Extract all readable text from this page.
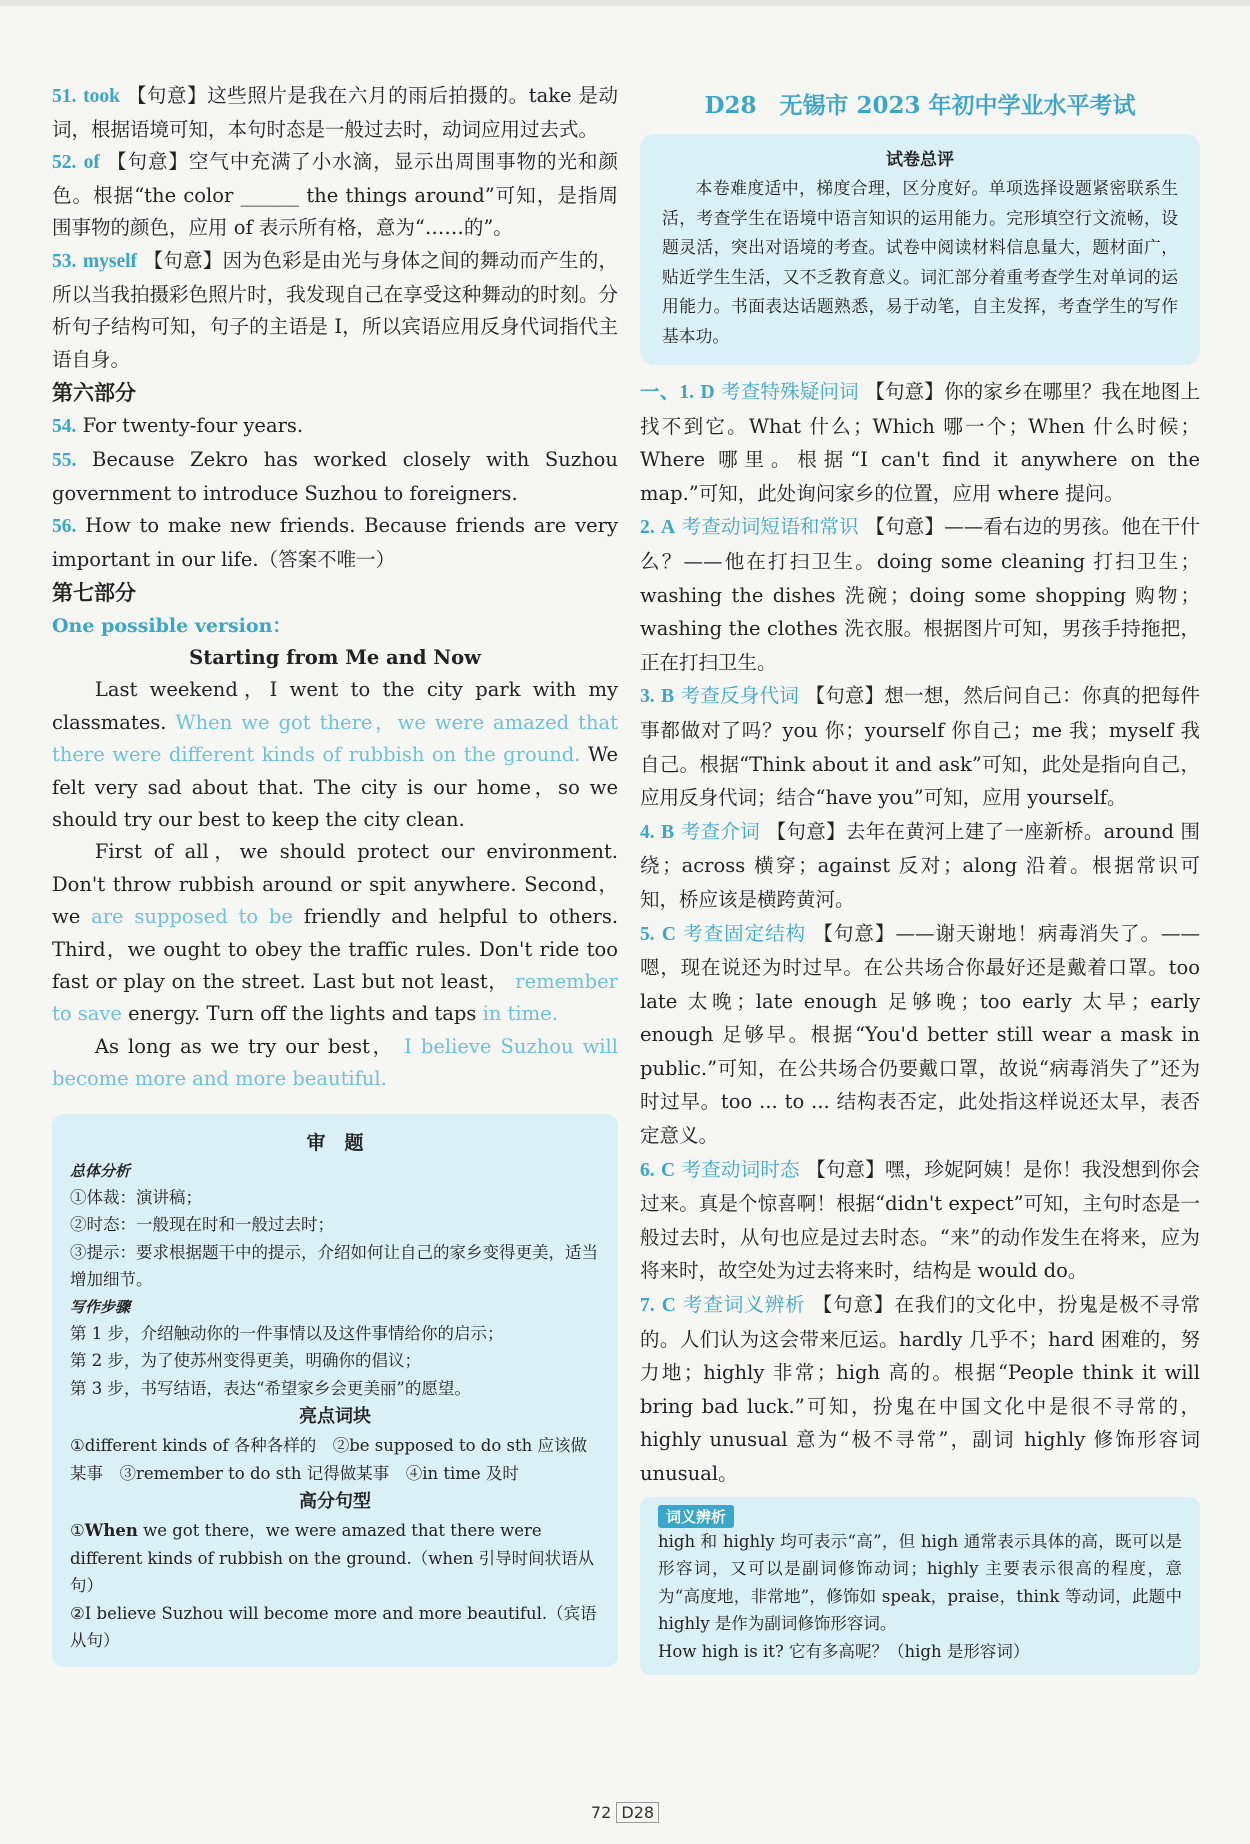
51. took 【句意】这些照片是我在六月的雨后拍摄的。take 是动词，根据语境可知，本句时态是一般过去时，动词应用过去式。

52. of 【句意】空气中充满了小水滴，显示出周围事物的光和颜色。根据“the color ______ the things around”可知，是指周围事物的颜色，应用 of 表示所有格，意为“……的”。

53. myself 【句意】因为色彩是由光与身体之间的舞动而产生的，所以当我拍摄彩色照片时，我发现自己在享受这种舞动的时刻。分析句子结构可知，句子的主语是 I，所以宾语应用反身代词指代主语自身。

第六部分

54. For twenty-four years.

55. Because Zekro has worked closely with Suzhou government to introduce Suzhou to foreigners.

56. How to make new friends. Because friends are very important in our life.（答案不唯一）

第七部分

One possible version：

Starting from Me and Now

Last weekend，I went to the city park with my classmates. When we got there，we were amazed that there were different kinds of rubbish on the ground. We felt very sad about that. The city is our home，so we should try our best to keep the city clean.

First of all，we should protect our environment. Don't throw rubbish around or spit anywhere. Second，we are supposed to be friendly and helpful to others. Third，we ought to obey the traffic rules. Don't ride too fast or play on the street. Last but not least， remember to save energy. Turn off the lights and taps in time.

As long as we try our best， I believe Suzhou will become more and more beautiful.

审　题

总体分析

①体裁：演讲稿；

②时态：一般现在时和一般过去时；

③提示：要求根据题干中的提示，介绍如何让自己的家乡变得更美，适当增加细节。

写作步骤

第 1 步，介绍触动你的一件事情以及这件事情给你的启示；

第 2 步，为了使苏州变得更美，明确你的倡议；

第 3 步，书写结语，表达“希望家乡会更美丽”的愿望。

亮点词块

①different kinds of 各种各样的　②be supposed to do sth 应该做某事　③remember to do sth 记得做某事　④in time 及时

高分句型

①When we got there，we were amazed that there were different kinds of rubbish on the ground.（when 引导时间状语从句）

②I believe Suzhou will become more and more beautiful.（宾语从句）

D28　无锡市 2023 年初中学业水平考试

试卷总评

本卷难度适中，梯度合理，区分度好。单项选择设题紧密联系生活，考查学生在语境中语言知识的运用能力。完形填空行文流畅，设题灵活，突出对语境的考查。试卷中阅读材料信息量大，题材面广，贴近学生生活，又不乏教育意义。词汇部分着重考查学生对单词的运用能力。书面表达话题熟悉，易于动笔，自主发挥，考查学生的写作基本功。

一、1. D 考查特殊疑问词 【句意】你的家乡在哪里？我在地图上找不到它。What 什么；Which 哪一个；When 什么时候；Where 哪里。根据“I can't find it anywhere on the map.”可知，此处询问家乡的位置，应用 where 提问。

2. A 考查动词短语和常识 【句意】——看右边的男孩。他在干什么？——他在打扫卫生。doing some cleaning 打扫卫生；washing the dishes 洗碗；doing some shopping 购物；washing the clothes 洗衣服。根据图片可知，男孩手持拖把，正在打扫卫生。

3. B 考查反身代词 【句意】想一想，然后问自己：你真的把每件事都做对了吗？you 你；yourself 你自己；me 我；myself 我自己。根据“Think about it and ask”可知，此处是指向自己，应用反身代词；结合“have you”可知，应用 yourself。

4. B 考查介词 【句意】去年在黄河上建了一座新桥。around 围绕；across 横穿；against 反对；along 沿着。根据常识可知，桥应该是横跨黄河。

5. C 考查固定结构 【句意】——谢天谢地！病毒消失了。——嗯，现在说还为时过早。在公共场合你最好还是戴着口罩。too late 太晚；late enough 足够晚；too early 太早；early enough 足够早。根据“You'd better still wear a mask in public.”可知，在公共场合仍要戴口罩，故说“病毒消失了”还为时过早。too ... to ... 结构表否定，此处指这样说还太早，表否定意义。

6. C 考查动词时态 【句意】嘿，珍妮阿姨！是你！我没想到你会过来。真是个惊喜啊！根据“didn't expect”可知，主句时态是一般过去时，从句也应是过去时态。“来”的动作发生在将来，应为将来时，故空处为过去将来时，结构是 would do。

7. C 考查词义辨析 【句意】在我们的文化中，扮鬼是极不寻常的。人们认为这会带来厄运。hardly 几乎不；hard 困难的，努力地；highly 非常；high 高的。根据“People think it will bring bad luck.”可知，扮鬼在中国文化中是很不寻常的，highly unusual 意为“极不寻常”，副词 highly 修饰形容词 unusual。

词义辨析

high 和 highly 均可表示“高”，但 high 通常表示具体的高，既可以是形容词，又可以是副词修饰动词；highly 主要表示很高的程度，意为“高度地，非常地”，修饰如 speak，praise，think 等动词，此题中 highly 是作为副词修饰形容词。

How high is it? 它有多高呢？（high 是形容词）

72 D28
